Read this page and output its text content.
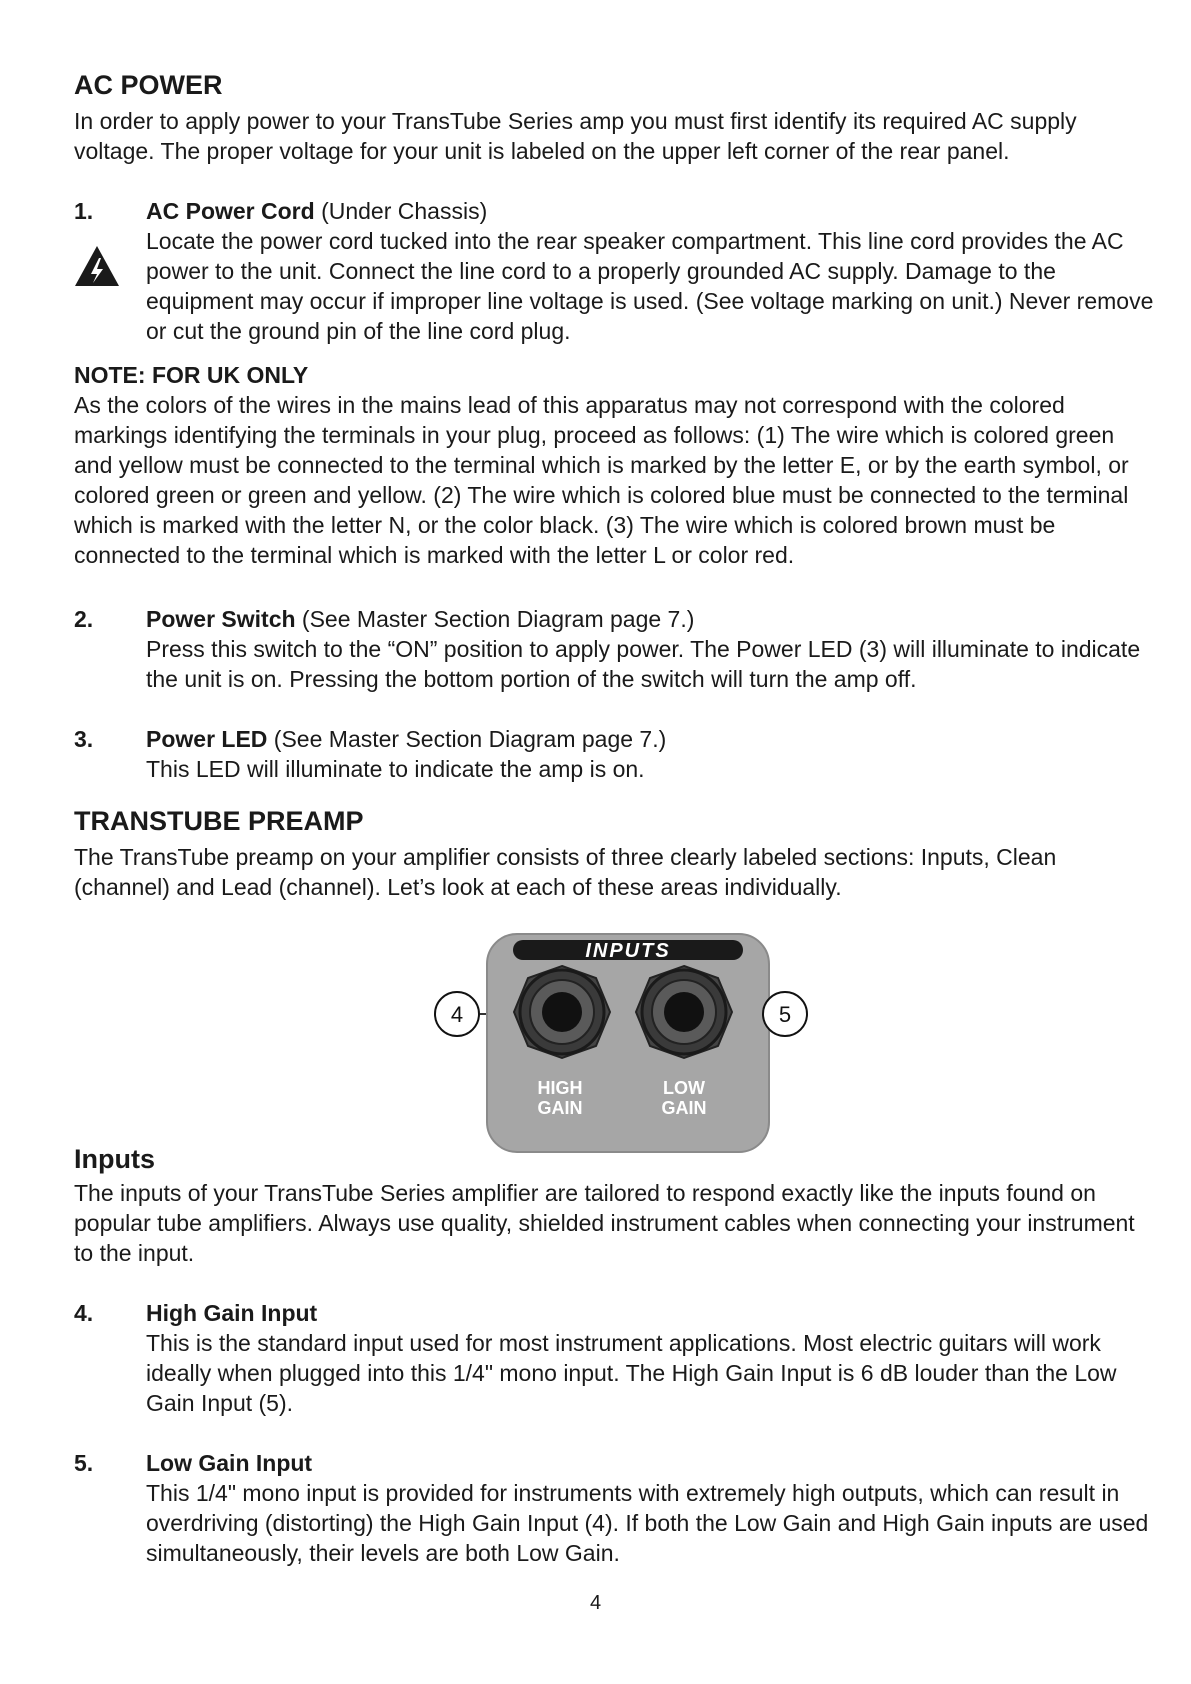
AC POWER

In order to apply power to your TransTube Series amp you must first identify its required AC supply voltage. The proper voltage for your unit is labeled on the upper left corner of the rear panel.

1. AC Power Cord (Under Chassis)
Locate the power cord tucked into the rear speaker compartment. This line cord provides the AC power to the unit. Connect the line cord to a properly grounded AC supply. Damage to the equipment may occur if improper line voltage is used. (See voltage marking on unit.) Never remove or cut the ground pin of the line cord plug.
NOTE: FOR UK ONLY

As the colors of the wires in the mains lead of this apparatus may not correspond with the colored markings identifying the terminals in your plug, proceed as follows: (1) The wire which is colored green and yellow must be connected to the terminal which is marked by the letter E, or by the earth symbol, or colored green or green and yellow. (2) The wire which is colored blue must be connected to the terminal which is marked with the letter N, or the color black. (3) The wire which is colored brown must be connected to the terminal which is marked with the letter L or color red.

2. Power Switch (See Master Section Diagram page 7.)
Press this switch to the “ON” position to apply power. The Power LED (3) will illuminate to indicate the unit is on. Pressing the bottom portion of the switch will turn the amp off.
3. Power LED (See Master Section Diagram page 7.)
This LED will illuminate to indicate the amp is on.
TRANSTUBE PREAMP

The TransTube preamp on your amplifier consists of three clearly labeled sections: Inputs, Clean (channel) and Lead (channel). Let’s look at each of these areas individually.

Inputs

The inputs of your TransTube Series amplifier are tailored to respond exactly like the inputs found on popular tube amplifiers. Always use quality, shielded instrument cables when connecting your instrument to the input.

4. High Gain Input
This is the standard input used for most instrument applications. Most electric guitars will work ideally when plugged into this 1/4" mono input. The High Gain Input is 6 dB louder than the Low Gain Input (5).
5. Low Gain Input
This 1/4" mono input is provided for instruments with extremely high outputs, which can result in overdriving (distorting) the High Gain Input (4). If both the Low Gain and High Gain inputs are used simultaneously, their levels are both Low Gain.
INPUTS
HIGH
GAIN
LOW
GAIN
4	5
4
